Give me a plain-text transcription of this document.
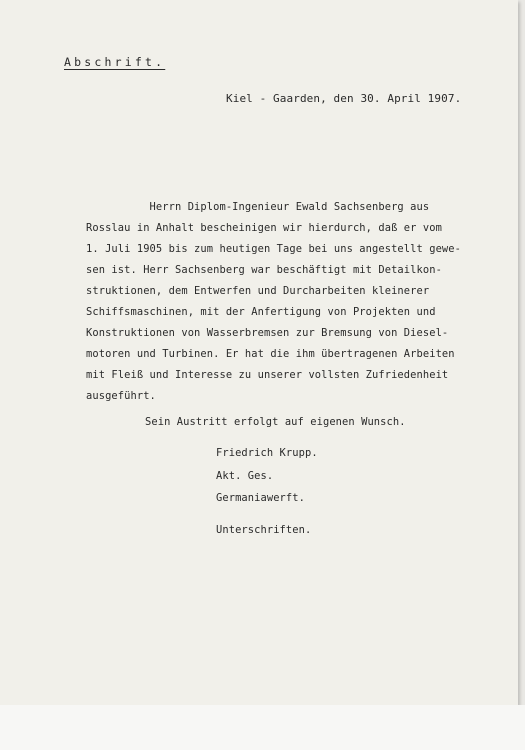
Abschrift.
Kiel - Gaarden, den 30. April 1907.
Herrn Diplom-Ingenieur Ewald Sachsenberg aus
Rosslau in Anhalt bescheinigen wir hierdurch, daß er vom
1. Juli 1905 bis zum heutigen Tage bei uns angestellt gewe-
sen ist. Herr Sachsenberg war beschäftigt mit Detailkon-
struktionen, dem Entwerfen und Durcharbeiten kleinerer
Schiffsmaschinen, mit der Anfertigung von Projekten und
Konstruktionen von Wasserbremsen zur Bremsung von Diesel-
motoren und Turbinen. Er hat die ihm übertragenen Arbeiten
mit Fleiß und Interesse zu unserer vollsten Zufriedenheit
ausgeführt.
Sein Austritt erfolgt auf eigenen Wunsch.
Friedrich Krupp.
Akt. Ges.
Germaniawerft.
Unterschriften.
